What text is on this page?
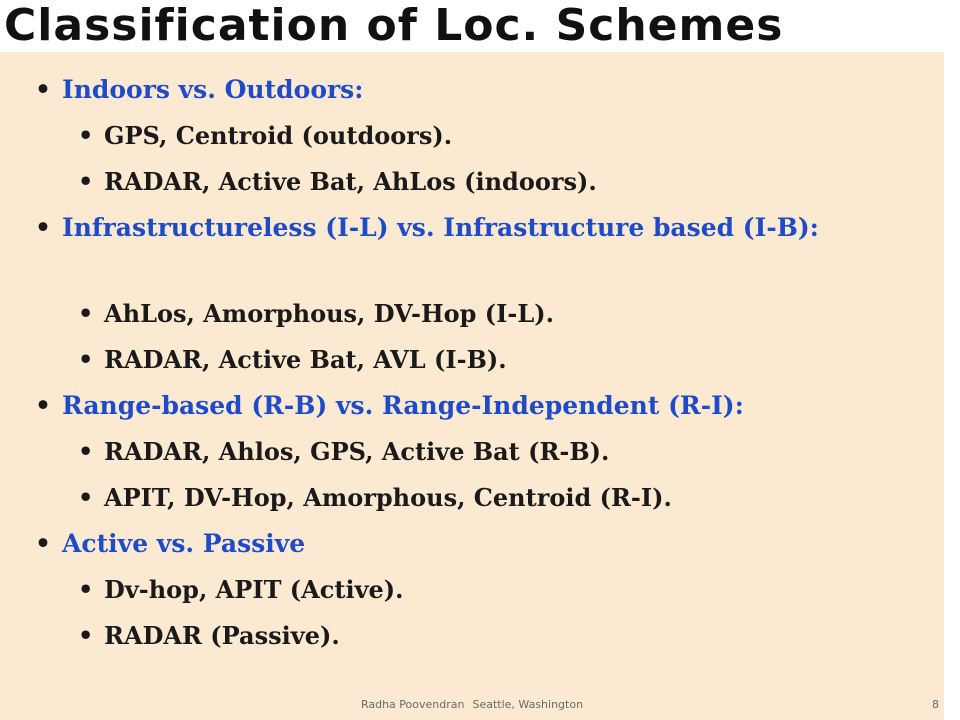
Classification of Loc. Schemes

• Indoors vs. Outdoors:

• GPS, Centroid (outdoors).

• RADAR, Active Bat, AhLos (indoors).

• Infrastructureless (I-L) vs. Infrastructure based (I-B):

• AhLos, Amorphous, DV-Hop (I-L).

• RADAR, Active Bat, AVL (I-B).

• Range-based (R-B) vs. Range-Independent (R-I):

• RADAR, Ahlos, GPS, Active Bat (R-B).

• APIT, DV-Hop, Amorphous, Centroid (R-I).

• Active vs. Passive

• Dv-hop, APIT (Active).

• RADAR (Passive).

Radha Poovendran Seattle, Washington	8
